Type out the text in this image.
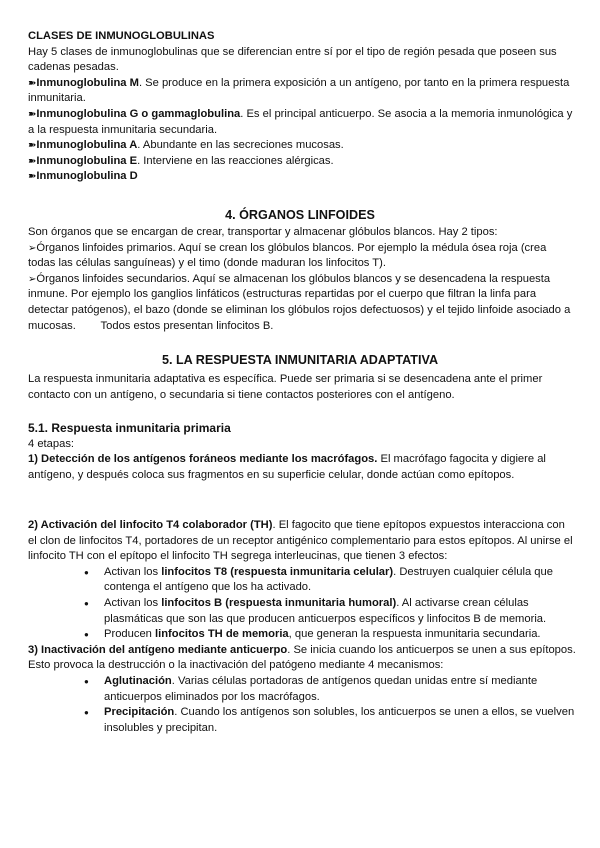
CLASES DE INMUNOGLOBULINAS

Hay 5 clases de inmunoglobulinas que se diferencian entre sí por el tipo de región pesada que poseen sus cadenas pesadas.

➽Inmunoglobulina M. Se produce en la primera exposición a un antígeno, por tanto en la primera respuesta inmunitaria.

➽Inmunoglobulina G o gammaglobulina. Es el principal anticuerpo. Se asocia a la memoria inmunológica y a la respuesta inmunitaria secundaria.

➽Inmunoglobulina A. Abundante en las secreciones mucosas.

➽Inmunoglobulina E. Interviene en las reacciones alérgicas.

➽Inmunoglobulina D

4. ÓRGANOS LINFOIDES

Son órganos que se encargan de crear, transportar y almacenar glóbulos blancos. Hay 2 tipos:

➢Órganos linfoides primarios. Aquí se crean los glóbulos blancos. Por ejemplo la médula ósea roja (crea todas las células sanguíneas) y el timo (donde maduran los linfocitos T).

➢Órganos linfoides secundarios. Aquí se almacenan los glóbulos blancos y se desencadena la respuesta inmune. Por ejemplo los ganglios linfáticos (estructuras repartidas por el cuerpo que filtran la linfa para detectar patógenos), el bazo (donde se eliminan los glóbulos rojos defectuosos) y el tejido linfoide asociado a mucosas.        Todos estos presentan linfocitos B.

5. LA RESPUESTA INMUNITARIA ADAPTATIVA

La respuesta inmunitaria adaptativa es específica. Puede ser primaria si se desencadena ante el primer contacto con un antígeno, o secundaria si tiene contactos posteriores con el antígeno.

5.1. Respuesta inmunitaria primaria

4 etapas:

1) Detección de los antígenos foráneos mediante los macrófagos. El macrófago fagocita y digiere al antígeno, y después coloca sus fragmentos en su superficie celular, donde actúan como epítopos.

2) Activación del linfocito T4 colaborador (TH). El fagocito que tiene epítopos expuestos interacciona con el clon de linfocitos T4, portadores de un receptor antigénico complementario para estos epítopos. Al unirse el linfocito TH con el epítopo el linfocito TH segrega interleucinas, que tienen 3 efectos:

● Activan los linfocitos T8 (respuesta inmunitaria celular). Destruyen cualquier célula que contenga el antígeno que los ha activado.
● Activan los linfocitos B (respuesta inmunitaria humoral). Al activarse crean células plasmáticas que son las que producen anticuerpos específicos y linfocitos B de memoria.
● Producen linfocitos TH de memoria, que generan la respuesta inmunitaria secundaria.

3) Inactivación del antígeno mediante anticuerpo. Se inicia cuando los anticuerpos se unen a sus epítopos. Esto provoca la destrucción o la inactivación del patógeno mediante 4 mecanismos:

● Aglutinación. Varias células portadoras de antígenos quedan unidas entre sí mediante anticuerpos eliminados por los macrófagos.
● Precipitación. Cuando los antígenos son solubles, los anticuerpos se unen a ellos, se vuelven insolubles y precipitan.
